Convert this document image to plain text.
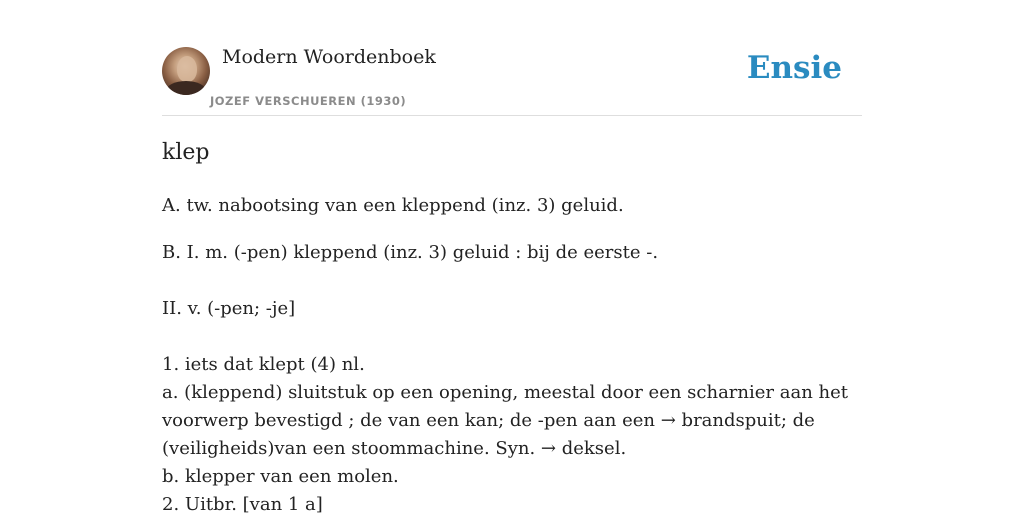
Modern Woordenboek
JOZEF VERSCHUEREN (1930)
Ensie
klep
A. tw. nabootsing van een kleppend (inz. 3) geluid.
B. I. m. (-pen) kleppend (inz. 3) geluid : bij de eerste -.
II. v. (-pen; -je]
1. iets dat klept (4) nl.
a. (kleppend) sluitstuk op een opening, meestal door een scharnier aan het
voorwerp bevestigd ; de van een kan; de -pen aan een → brandspuit; de
(veiligheids)van een stoommachine. Syn. → deksel.
b. klepper van een molen.
2. Uitbr. [van 1 a]
